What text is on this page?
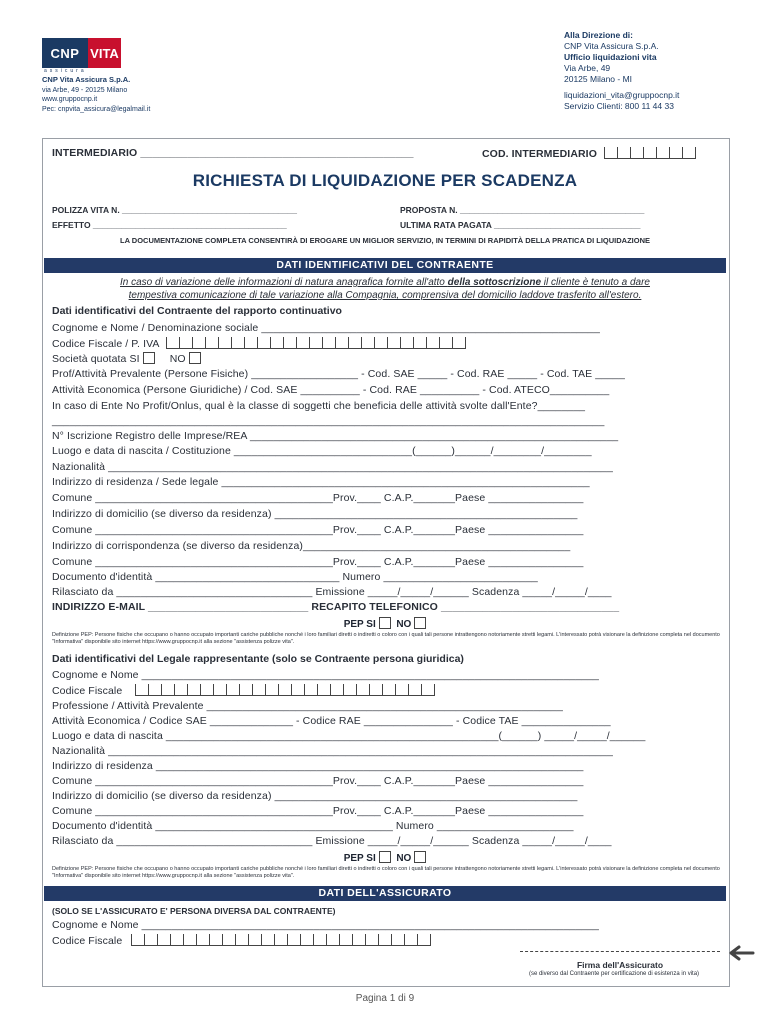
CNP VITA
assicura
CNP Vita Assicura S.p.A.
via Arbe, 49 - 20125 Milano
www.gruppocnp.it
Pec: cnpvita_assicura@legalmail.it
Alla Direzione di:
CNP Vita Assicura S.p.A.
Ufficio liquidazioni vita
Via Arbe, 49
20125 Milano - MI
liquidazioni_vita@gruppocnp.it
Servizio Clienti: 800 11 44 33
INTERMEDIARIO ______________________________________________	COD. INTERMEDIARIO
RICHIESTA DI LIQUIDAZIONE PER SCADENZA
POLIZZA VITA N. _____________________________________	PROPOSTA N. _______________________________________
EFFETTO _________________________________________	ULTIMA RATA PAGATA _______________________________
LA DOCUMENTAZIONE COMPLETA CONSENTIRÀ DI EROGARE UN MIGLIOR SERVIZIO, IN TERMINI DI RAPIDITÀ DELLA PRATICA DI LIQUIDAZIONE
DATI IDENTIFICATIVI DEL CONTRAENTE
In caso di variazione delle informazioni di natura anagrafica fornite all'atto della sottoscrizione il cliente è tenuto a dare
tempestiva comunicazione di tale variazione alla Compagnia, comprensiva del domicilio laddove trasferito all'estero.
Dati identificativi del Contraente del rapporto continuativo
Cognome e Nome / Denominazione sociale _________________________________________________________
Codice Fiscale / P. IVA
Società quotata SI	NO
Prof/Attività Prevalente (Persone Fisiche) __________________ - Cod. SAE _____ - Cod. RAE _____ - Cod. TAE _____
Attività Economica (Persone Giuridiche) / Cod. SAE __________ - Cod. RAE __________ - Cod. ATECO__________
In caso di Ente No Profit/Onlus, qual è la classe di soggetti che beneficia delle attività svolte dall'Ente?________
_____________________________________________________________________________________________
N° Iscrizione Registro delle Imprese/REA ______________________________________________________________
Luogo e data di nascita / Costituzione ______________________________(______)______/________/________
Nazionalità _____________________________________________________________________________________
Indirizzo di residenza / Sede legale ______________________________________________________________
Comune ________________________________________Prov.____ C.A.P._______Paese ________________
Indirizzo di domicilio (se diverso da residenza) ___________________________________________________
Comune ________________________________________Prov.____ C.A.P._______Paese ________________
Indirizzo di corrispondenza (se diverso da residenza)_____________________________________________
Comune ________________________________________Prov.____ C.A.P._______Paese ________________
Documento d'identità _______________________________ Numero __________________________
Rilasciato da _________________________________ Emissione _____/_____/______ Scadenza _____/_____/____
INDIRIZZO E-MAIL ___________________________ RECAPITO TELEFONICO ______________________________
PEP SI NO
Definizione PEP: Persone fisiche che occupano o hanno occupato importanti cariche pubbliche nonché i loro familiari diretti o indiretti o coloro con i quali tali persone intrattengono notoriamente stretti legami. L'interessato potrà visionare la definizione completa nel documento "Informativa" disponibile sito internet https://www.gruppocnp.it alla sezione "assistenza polizze vita".
Dati identificativi del Legale rappresentante (solo se Contraente persona giuridica)
Cognome e Nome _____________________________________________________________________________
Codice Fiscale
Professione / Attività Prevalente ____________________________________________________________
Attività Economica / Codice SAE ______________ - Codice RAE _______________ - Codice TAE _______________
Luogo e data di nascita ________________________________________________________(______) _____/_____/______
Nazionalità _____________________________________________________________________________________
Indirizzo di residenza ________________________________________________________________________
Comune ________________________________________Prov.____ C.A.P._______Paese ________________
Indirizzo di domicilio (se diverso da residenza) ___________________________________________________
Comune ________________________________________Prov.____ C.A.P._______Paese ________________
Documento d'identità ________________________________________ Numero _______________________
Rilasciato da _________________________________ Emissione _____/_____/______ Scadenza _____/_____/____
PEP SI NO
Definizione PEP: Persone fisiche che occupano o hanno occupato importanti cariche pubbliche nonché i loro familiari diretti o indiretti o coloro con i quali tali persone intrattengono notoriamente stretti legami. L'interessato potrà visionare la definizione completa nel documento "Informativa" disponibile sito internet https://www.gruppocnp.it alla sezione "assistenza polizze vita".
DATI DELL'ASSICURATO
(SOLO SE L'ASSICURATO E' PERSONA DIVERSA DAL CONTRAENTE)
Cognome e Nome _____________________________________________________________________________
Codice Fiscale
Firma dell'Assicurato
(se diverso dal Contraente per certificazione di esistenza in vita)
Pagina 1 di 9
